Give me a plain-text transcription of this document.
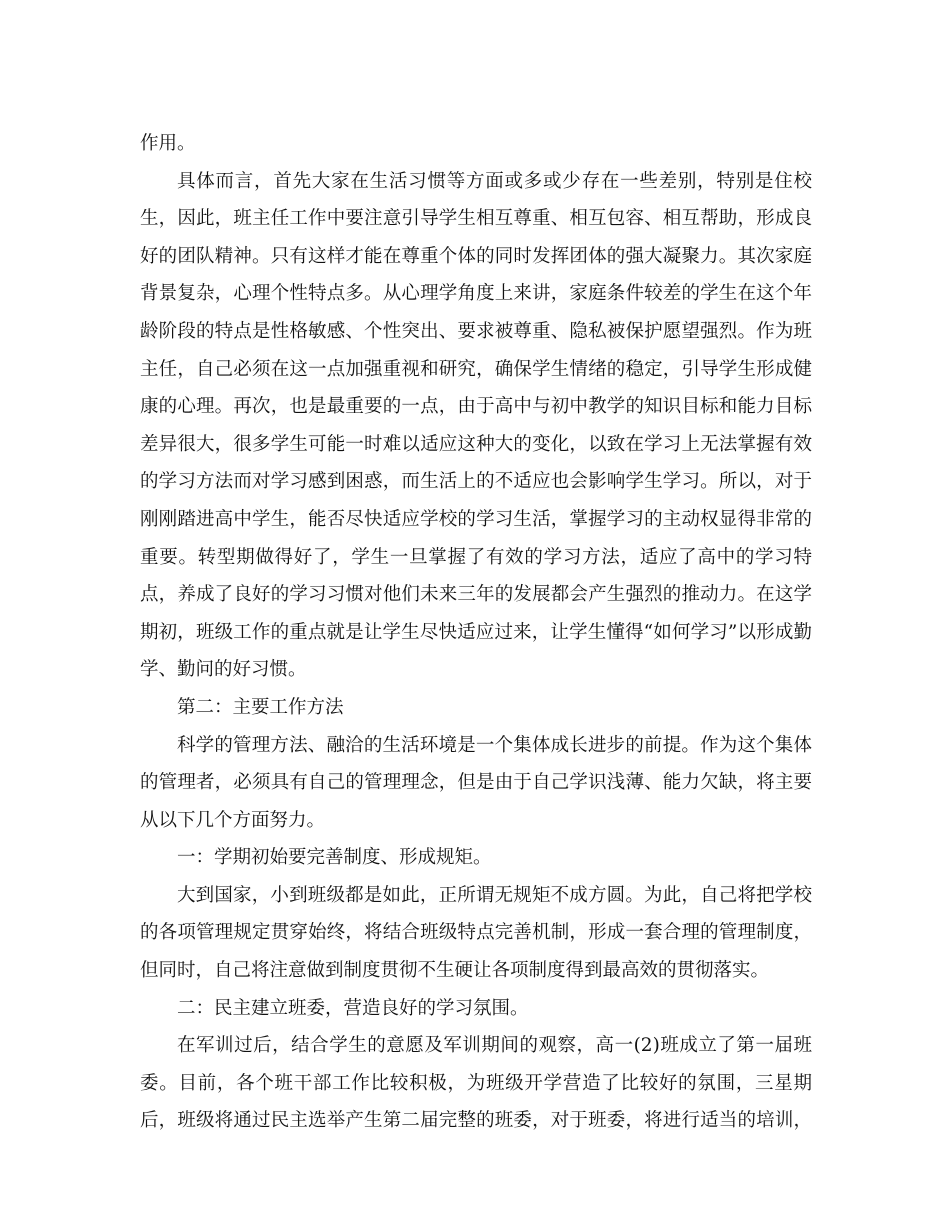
作用。
具体而言，首先大家在生活习惯等方面或多或少存在一些差别，特别是住校
生，因此，班主任工作中要注意引导学生相互尊重、相互包容、相互帮助，形成良
好的团队精神。只有这样才能在尊重个体的同时发挥团体的强大凝聚力。其次家庭
背景复杂，心理个性特点多。从心理学角度上来讲，家庭条件较差的学生在这个年
龄阶段的特点是性格敏感、个性突出、要求被尊重、隐私被保护愿望强烈。作为班
主任，自己必须在这一点加强重视和研究，确保学生情绪的稳定，引导学生形成健
康的心理。再次，也是最重要的一点，由于高中与初中教学的知识目标和能力目标
差异很大，很多学生可能一时难以适应这种大的变化，以致在学习上无法掌握有效
的学习方法而对学习感到困惑，而生活上的不适应也会影响学生学习。所以，对于
刚刚踏进高中学生，能否尽快适应学校的学习生活，掌握学习的主动权显得非常的
重要。转型期做得好了，学生一旦掌握了有效的学习方法，适应了高中的学习特
点，养成了良好的学习习惯对他们未来三年的发展都会产生强烈的推动力。在这学
期初，班级工作的重点就是让学生尽快适应过来，让学生懂得“如何学习”以形成勤
学、勤问的好习惯。
第二：主要工作方法
科学的管理方法、融洽的生活环境是一个集体成长进步的前提。作为这个集体
的管理者，必须具有自己的管理理念，但是由于自己学识浅薄、能力欠缺，将主要
从以下几个方面努力。
一：学期初始要完善制度、形成规矩。
大到国家，小到班级都是如此，正所谓无规矩不成方圆。为此，自己将把学校
的各项管理规定贯穿始终，将结合班级特点完善机制，形成一套合理的管理制度，
但同时，自己将注意做到制度贯彻不生硬让各项制度得到最高效的贯彻落实。
二：民主建立班委，营造良好的学习氛围。
在军训过后，结合学生的意愿及军训期间的观察，高一(2)班成立了第一届班
委。目前，各个班干部工作比较积极，为班级开学营造了比较好的氛围，三星期
后，班级将通过民主选举产生第二届完整的班委，对于班委，将进行适当的培训，
